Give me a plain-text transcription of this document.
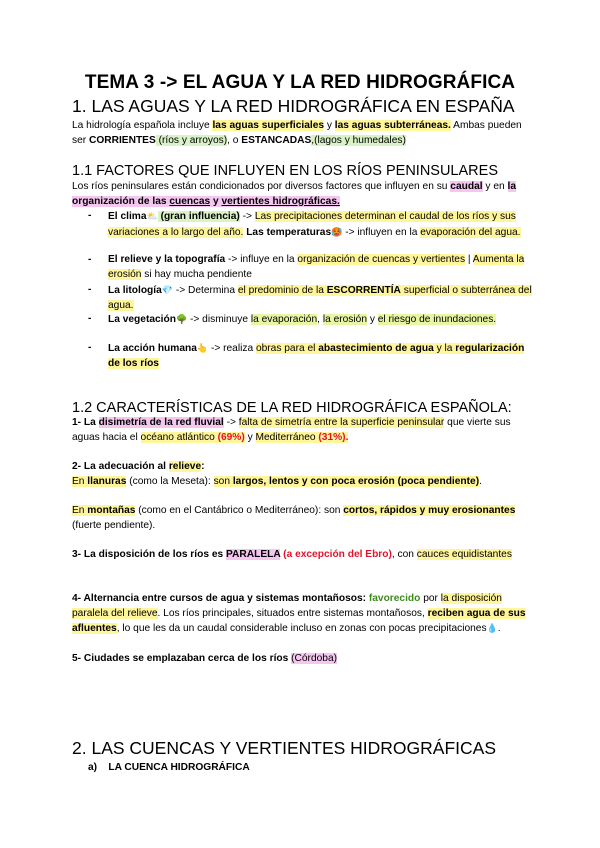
TEMA 3 -> EL AGUA Y LA RED HIDROGRÁFICA
1. LAS AGUAS Y LA RED HIDROGRÁFICA EN ESPAÑA
La hidrología española incluye las aguas superficiales y las aguas subterráneas. Ambas pueden ser CORRIENTES (ríos y arroyos), o ESTANCADAS,(lagos y humedales)
1.1 FACTORES QUE INFLUYEN EN LOS RÍOS PENINSULARES
Los ríos peninsulares están condicionados por diversos factores que influyen en su caudal y en la organización de las cuencas y vertientes hidrográficas.
- El clima⛅ (gran influencia) -> Las precipitaciones determinan el caudal de los ríos y sus variaciones a lo largo del año. Las temperaturas🥵 -> influyen en la evaporación del agua.
- El relieve y la topografía -> influye en la organización de cuencas y vertientes | Aumenta la erosión si hay mucha pendiente
- La litología💎 -> Determina el predominio de la ESCORRENTÍA superficial o subterránea del agua.
- La vegetación🌳 -> disminuye la evaporación, la erosión y el riesgo de inundaciones.
- La acción humana👆 -> realiza obras para el abastecimiento de agua y la regularización de los ríos
1.2 CARACTERÍSTICAS DE LA RED HIDROGRÁFICA ESPAÑOLA:
1- La disimetría de la red fluvial -> falta de simetría entre la superficie peninsular que vierte sus aguas hacia el océano atlántico (69%) y Mediterráneo (31%).
2- La adecuación al relieve:
En llanuras (como la Meseta): son largos, lentos y con poca erosión (poca pendiente).
En montañas (como en el Cantábrico o Mediterráneo): son cortos, rápidos y muy erosionantes (fuerte pendiente).
3- La disposición de los ríos es PARALELA (a excepción del Ebro), con cauces equidistantes
4- Alternancia entre cursos de agua y sistemas montañosos: favorecido por la disposición paralela del relieve. Los ríos principales, situados entre sistemas montañosos, reciben agua de sus afluentes, lo que les da un caudal considerable incluso en zonas con pocas precipitaciones💧.
5- Ciudades se emplazaban cerca de los ríos (Córdoba)
2. LAS CUENCAS Y VERTIENTES HIDROGRÁFICAS
a) LA CUENCA HIDROGRÁFICA
